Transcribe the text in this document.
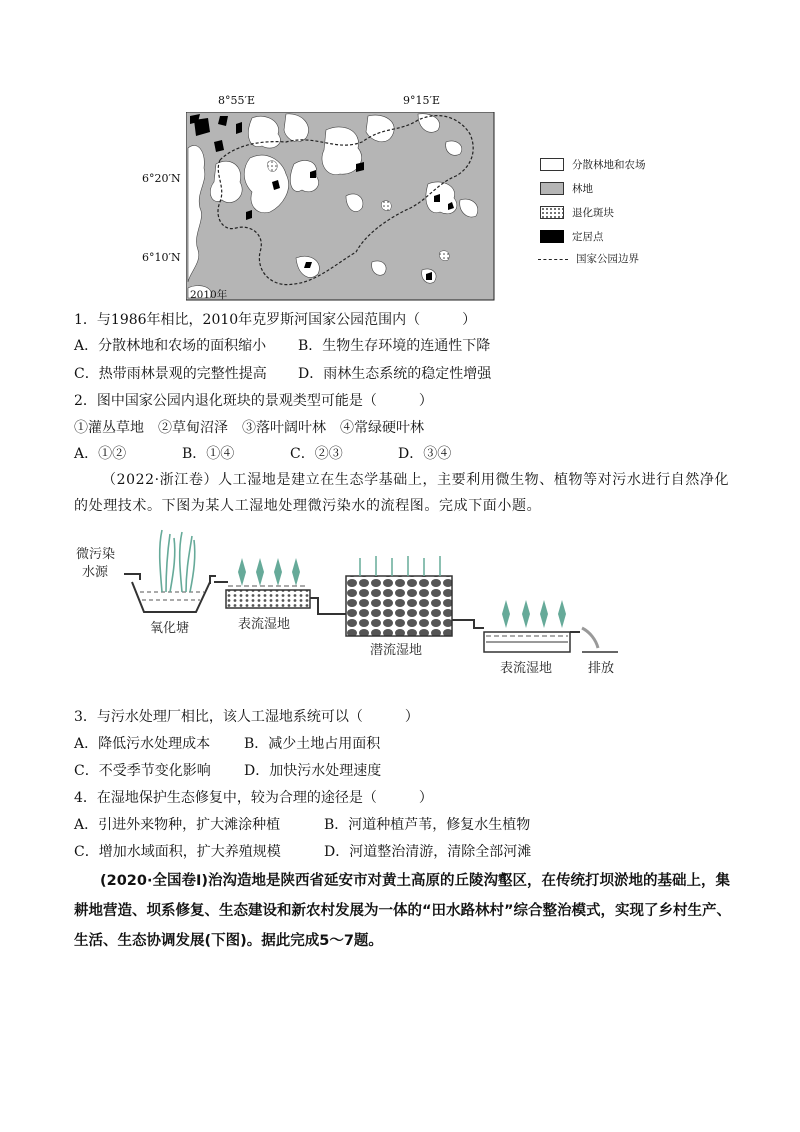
8°55′E	9°15′E
6°20′N
6°10′N
2010年
分散林地和农场
林地
退化斑块
定居点
国家公园边界
1．与1986年相比，2010年克罗斯河国家公园范围内（　　　）
A．分散林地和农场的面积缩小 B．生物生存环境的连通性下降
C．热带雨林景观的完整性提高 D．雨林生态系统的稳定性增强
2．图中国家公园内退化斑块的景观类型可能是（　　　）
①灌丛草地　②草甸沼泽　③落叶阔叶林　④常绿硬叶林
A．①②	B．①④	C．②③	D．③④
（2022·浙江卷）人工湿地是建立在生态学基础上，主要利用微生物、植物等对污水进行自然净化的处理技术。下图为某人工湿地处理微污染水的流程图。完成下面小题。
微污染
水源
表流湿地
氧化塘
潜流湿地
表流湿地	排放
3．与污水处理厂相比，该人工湿地系统可以（　　　）
A．降低污水处理成本 B．减少土地占用面积
C．不受季节变化影响 D．加快污水处理速度
4．在湿地保护生态修复中，较为合理的途径是（　　　）
A．引进外来物种，扩大滩涂种植	B．河道种植芦苇，修复水生植物
C．增加水域面积，扩大养殖规模	D．河道整治清游，清除全部河滩
(2020·全国卷Ⅰ)治沟造地是陕西省延安市对黄土高原的丘陵沟壑区，在传统打坝淤地的基础上，集耕地营造、坝系修复、生态建设和新农村发展为一体的“田水路林村”综合整治模式，实现了乡村生产、生活、生态协调发展(下图)。据此完成5～7题。
